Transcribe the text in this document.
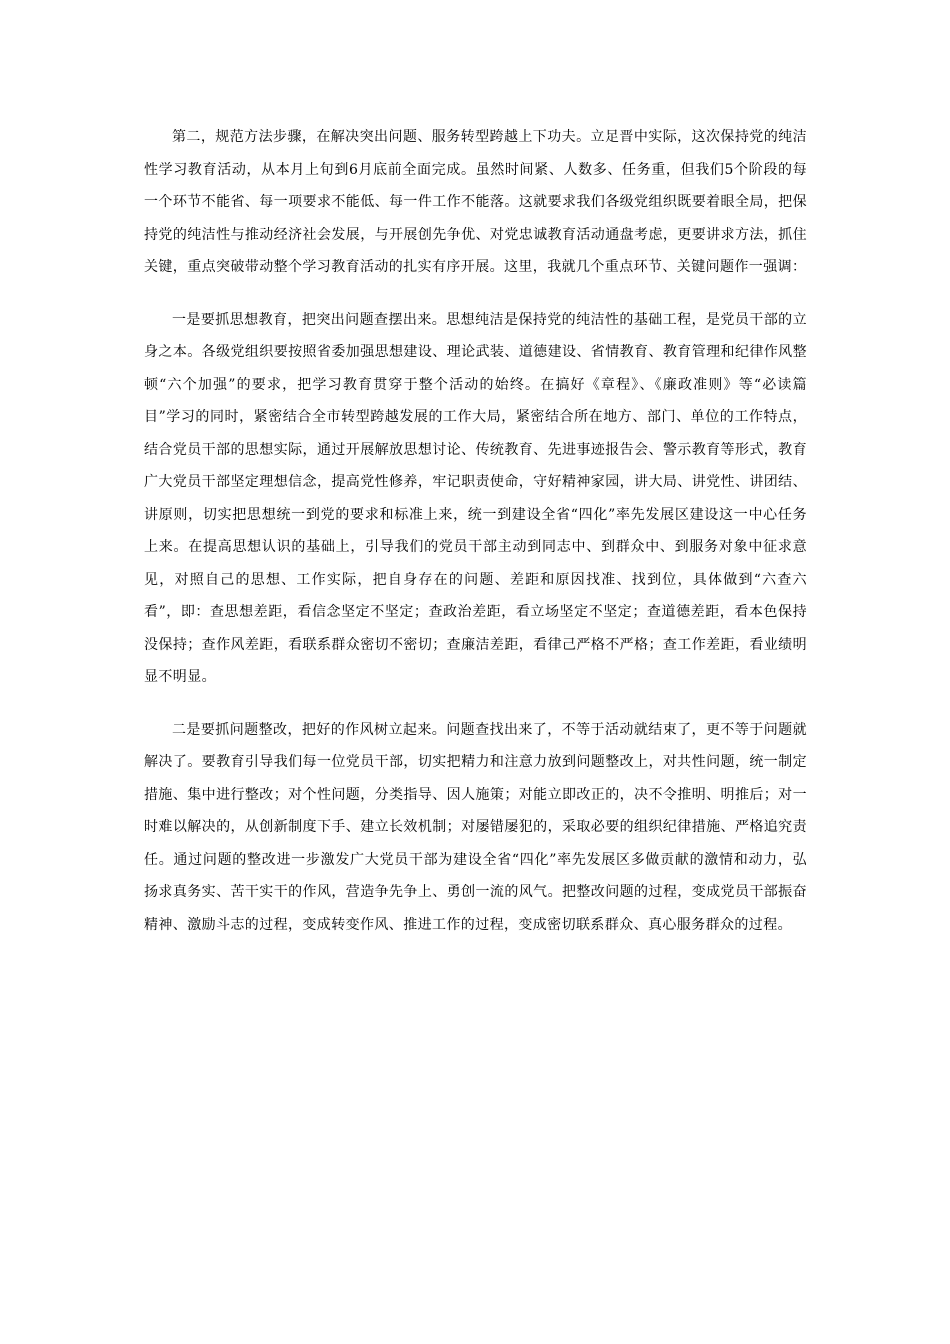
第二，规范方法步骤，在解决突出问题、服务转型跨越上下功夫。立足晋中实际，这次保持党的纯洁性学习教育活动，从本月上旬到6月底前全面完成。虽然时间紧、人数多、任务重，但我们5个阶段的每一个环节不能省、每一项要求不能低、每一件工作不能落。这就要求我们各级党组织既要着眼全局，把保持党的纯洁性与推动经济社会发展，与开展创先争优、对党忠诚教育活动通盘考虑，更要讲求方法，抓住关键，重点突破带动整个学习教育活动的扎实有序开展。这里，我就几个重点环节、关键问题作一强调：

一是要抓思想教育，把突出问题查摆出来。思想纯洁是保持党的纯洁性的基础工程，是党员干部的立身之本。各级党组织要按照省委加强思想建设、理论武装、道德建设、省情教育、教育管理和纪律作风整顿“六个加强”的要求，把学习教育贯穿于整个活动的始终。在搞好《章程》、《廉政准则》等“必读篇目”学习的同时，紧密结合全市转型跨越发展的工作大局，紧密结合所在地方、部门、单位的工作特点，结合党员干部的思想实际，通过开展解放思想讨论、传统教育、先进事迹报告会、警示教育等形式，教育广大党员干部坚定理想信念，提高党性修养，牢记职责使命，守好精神家园，讲大局、讲党性、讲团结、讲原则，切实把思想统一到党的要求和标准上来，统一到建设全省“四化”率先发展区建设这一中心任务上来。在提高思想认识的基础上，引导我们的党员干部主动到同志中、到群众中、到服务对象中征求意见，对照自己的思想、工作实际，把自身存在的问题、差距和原因找准、找到位，具体做到“六查六看”，即：查思想差距，看信念坚定不坚定；查政治差距，看立场坚定不坚定；查道德差距，看本色保持没保持；查作风差距，看联系群众密切不密切；查廉洁差距，看律己严格不严格；查工作差距，看业绩明显不明显。

二是要抓问题整改，把好的作风树立起来。问题查找出来了，不等于活动就结束了，更不等于问题就解决了。要教育引导我们每一位党员干部，切实把精力和注意力放到问题整改上，对共性问题，统一制定措施、集中进行整改；对个性问题，分类指导、因人施策；对能立即改正的，决不令推明、明推后；对一时难以解决的，从创新制度下手、建立长效机制；对屡错屡犯的，采取必要的组织纪律措施、严格追究责任。通过问题的整改进一步激发广大党员干部为建设全省“四化”率先发展区多做贡献的激情和动力，弘扬求真务实、苦干实干的作风，营造争先争上、勇创一流的风气。把整改问题的过程，变成党员干部振奋精神、激励斗志的过程，变成转变作风、推进工作的过程，变成密切联系群众、真心服务群众的过程。
